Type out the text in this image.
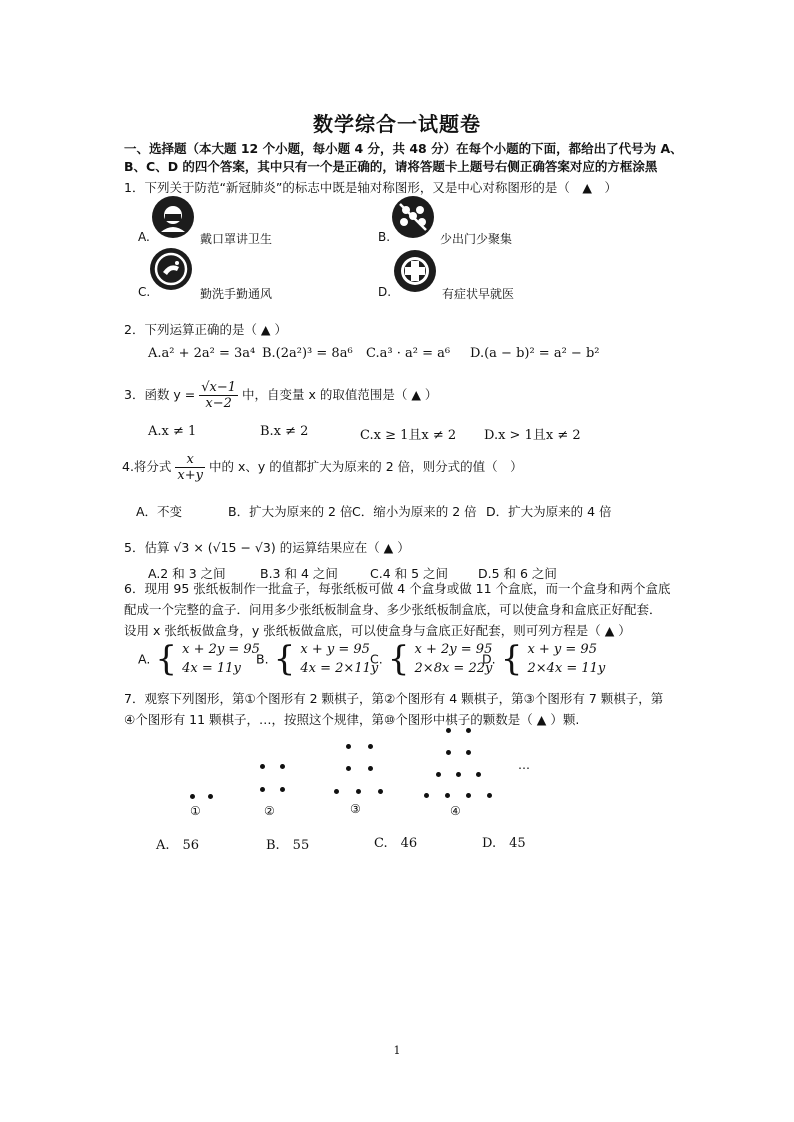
数学综合一试题卷
一、选择题（本大题 12 个小题，每小题 4 分，共 48 分）在每个小题的下面，都给出了代号为 A、B、C、D 的四个答案，其中只有一个是正确的，请将答题卡上题号右侧正确答案对应的方框涂黑
1．下列关于防范“新冠肺炎”的标志中既是轴对称图形，又是中心对称图形的是（　▲　）
A.	戴口罩讲卫生	B.	少出门少聚集
C.	勤洗手勤通风	D.	有症状早就医
2．下列运算正确的是（ ▲ ）
A.a² + 2a² = 3a⁴ B.(2a²)³ = 8a⁶ C.a³ · a² = a⁶ D.(a − b)² = a² − b²
3．函数 $y = \frac{√x-1}{x-2}$ 中，自变量 x 的取值范围是（ ▲ ）
A.x ≠ 1	B.x ≠ 2	C.x ≥ 1且x ≠ 2 D.x > 1且x ≠ 2
4.将分式 $\frac{x}{x+y}$ 中的 x、y 的值都扩大为原来的 2 倍，则分式的值（　）
A．不变	B．扩大为原来的 2 倍 C．缩小为原来的 2 倍 D．扩大为原来的 4 倍
5．估算 √3 × (√15 − √3) 的运算结果应在（ ▲ ）
A.2 和 3 之间	B.3 和 4 之间	C.4 和 5 之间 D.5 和 6 之间
6．现用 95 张纸板制作一批盒子，每张纸板可做 4 个盒身或做 11 个盒底，而一个盒身和两个盒底配成一个完整的盒子．问用多少张纸板制盒身、多少张纸板制盒底，可以使盒身和盒底正好配套．设用 x 张纸板做盒身，y 张纸板做盒底，可以使盒身与盒底正好配套，则可列方程是（ ▲ ）
A. { x + 2y = 95
4x = 11y
B. { x + y = 95
4x = 2×11y
C. { x + 2y = 95
2×8x = 22y
D. { x + y = 95
2×4x = 11y
7．观察下列图形，第①个图形有 2 颗棋子，第②个图形有 4 颗棋子，第③个图形有 7 颗棋子，第④个图形有 11 颗棋子，…，按照这个规律，第⑩个图形中棋子的颗数是（ ▲ ）颗.
①	②	③	④
…
A.　56	B.　55	C.　46	D.　45
1
